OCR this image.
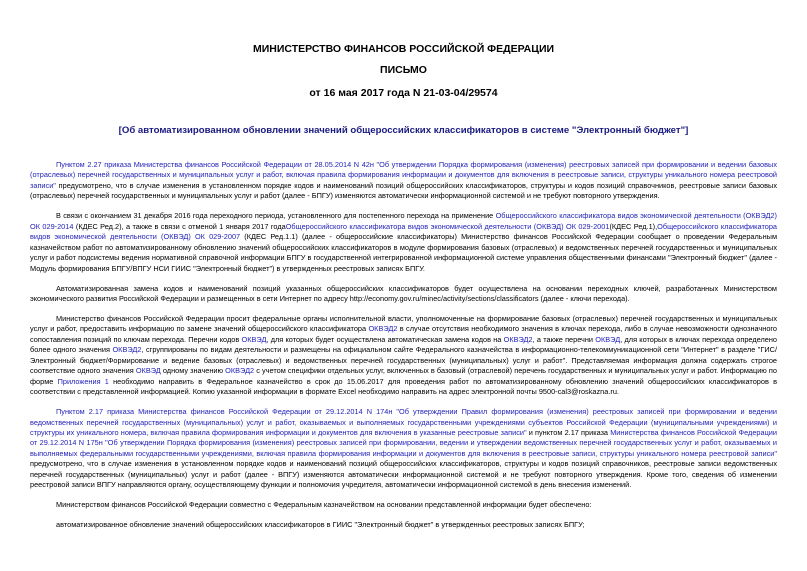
МИНИСТЕРСТВО ФИНАНСОВ РОССИЙСКОЙ ФЕДЕРАЦИИ
ПИСЬМО
от 16 мая 2017 года N 21-03-04/29574
[Об автоматизированном обновлении значений общероссийских классификаторов в системе "Электронный бюджет"]

Пунктом 2.27 приказа Министерства финансов Российской Федерации от 28.05.2014 N 42н "Об утверждении Порядка формирования (изменения) реестровых записей при формировании и ведении базовых (отраслевых) перечней государственных и муниципальных услуг и работ, включая правила формирования информации и документов для включения в реестровые записи, структуры уникального номера реестровой записи" предусмотрено, что в случае изменения в установленном порядке кодов и наименований позиций общероссийских классификаторов, структуры и кодов позиций справочников, реестровые записи базовых (отраслевых) перечней государственных и муниципальных услуг и работ (далее - БПГУ) изменяются автоматически информационной системой и не требуют повторного утверждения.

В связи с окончанием 31 декабря 2016 года переходного периода, установленного для постепенного перехода на применение Общероссийского классификатора видов экономической деятельности (ОКВЭД2) ОК 029-2014 (КДЕС Ред.2), а также в связи с отменой 1 января 2017 годаОбщероссийского классификатора видов экономической деятельности (ОКВЭД) ОК 029-2001(КДЕС Ред.1),Общероссийского классификатора видов экономической деятельности (ОКВЭД) ОК 029-2007 (КДЕС Ред.1.1) (далее - общероссийские классификаторы) Министерство финансов Российской Федерации сообщает о проведении Федеральным казначейством работ по автоматизированному обновлению значений общероссийских классификаторов в модуле формирования базовых (отраслевых) и ведомственных перечней государственных и муниципальных услуг и работ подсистемы ведения нормативной справочной информации БПГУ в государственной интегрированной информационной системе управления общественными финансами "Электронный бюджет" (далее - Модуль формирования БПГУ/ВПГУ НСИ ГИИС "Электронный бюджет") в утвержденных реестровых записях БПГУ.

Автоматизированная замена кодов и наименований позиций указанных общероссийских классификаторов будет осуществлена на основании переходных ключей, разработанных Министерством экономического развития Российской Федерации и размещенных в сети Интернет по адресу http://economy.gov.ru/minec/activity/sections/classificators (далее - ключи перехода).

Министерство финансов Российской Федерации просит федеральные органы исполнительной власти, уполномоченные на формирование базовых (отраслевых) перечней государственных и муниципальных услуг и работ, предоставить информацию по замене значений общероссийского классификатора ОКВЭД2 в случае отсутствия необходимого значения в ключах перехода, либо в случае невозможности однозначного сопоставления позиций по ключам перехода. Перечни кодов ОКВЭД, для которых будет осуществлена автоматическая замена кодов на ОКВЭД2, а также перечни ОКВЭД, для которых в ключах перехода определено более одного значения ОКВЭД2, сгруппированы по видам деятельности и размещены на официальном сайте Федерального казначейства в информационно-телекоммуникационной сети "Интернет" в разделе "ГИС/Электронный бюджет/Формирование и ведение базовых (отраслевых) и ведомственных перечней государственных (муниципальных) услуг и работ". Представляемая информация должна содержать строгое соответствие одного значения ОКВЭД одному значению ОКВЭД2 с учетом специфики отдельных услуг, включенных в базовый (отраслевой) перечень государственных и муниципальных услуг и работ. Информацию по форме Приложения 1 необходимо направить в Федеральное казначейство в срок до 15.06.2017 для проведения работ по автоматизированному обновлению значений общероссийских классификаторов в соответствии с представленной информацией. Копию указанной информации в формате Excel необходимо направить на адрес электронной почты 9500-cal3@roskazna.ru.

Пунктом 2.17 приказа Министерства финансов Российской Федерации от 29.12.2014 N 174н "Об утверждении Правил формирования (изменения) реестровых записей при формировании и ведении ведомственных перечней государственных (муниципальных) услуг и работ, оказываемых и выполняемых государственными учреждениями субъектов Российской Федерации (муниципальными учреждениями) и структуры их уникального номера, включая правила формирования информации и документов для включения в указанные реестровые записи" и пунктом 2.17 приказа Министерства финансов Российской Федерации от 29.12.2014 N 175н "Об утверждении Порядка формирования (изменения) реестровых записей при формировании, ведении и утверждении ведомственных перечней государственных услуг и работ, оказываемых и выполняемых федеральными государственными учреждениями, включая правила формирования информации и документов для включения в реестровые записи, структуры уникального номера реестровой записи" предусмотрено, что в случае изменения в установленном порядке кодов и наименований позиций общероссийских классификаторов, структуры и кодов позиций справочников, реестровые записи ведомственных перечней государственных (муниципальных) услуг и работ (далее - ВПГУ) изменяются автоматически информационной системой и не требуют повторного утверждения. Кроме того, сведения об изменении реестровой записи ВПГУ направляются органу, осуществляющему функции и полномочия учредителя, автоматически информационной системой в день внесения изменений.

Министерством финансов Российской Федерации совместно с Федеральным казначейством на основании представленной информации будет обеспечено:

автоматизированное обновление значений общероссийских классификаторов в ГИИС "Электронный бюджет" в утвержденных реестровых записях БПГУ;
